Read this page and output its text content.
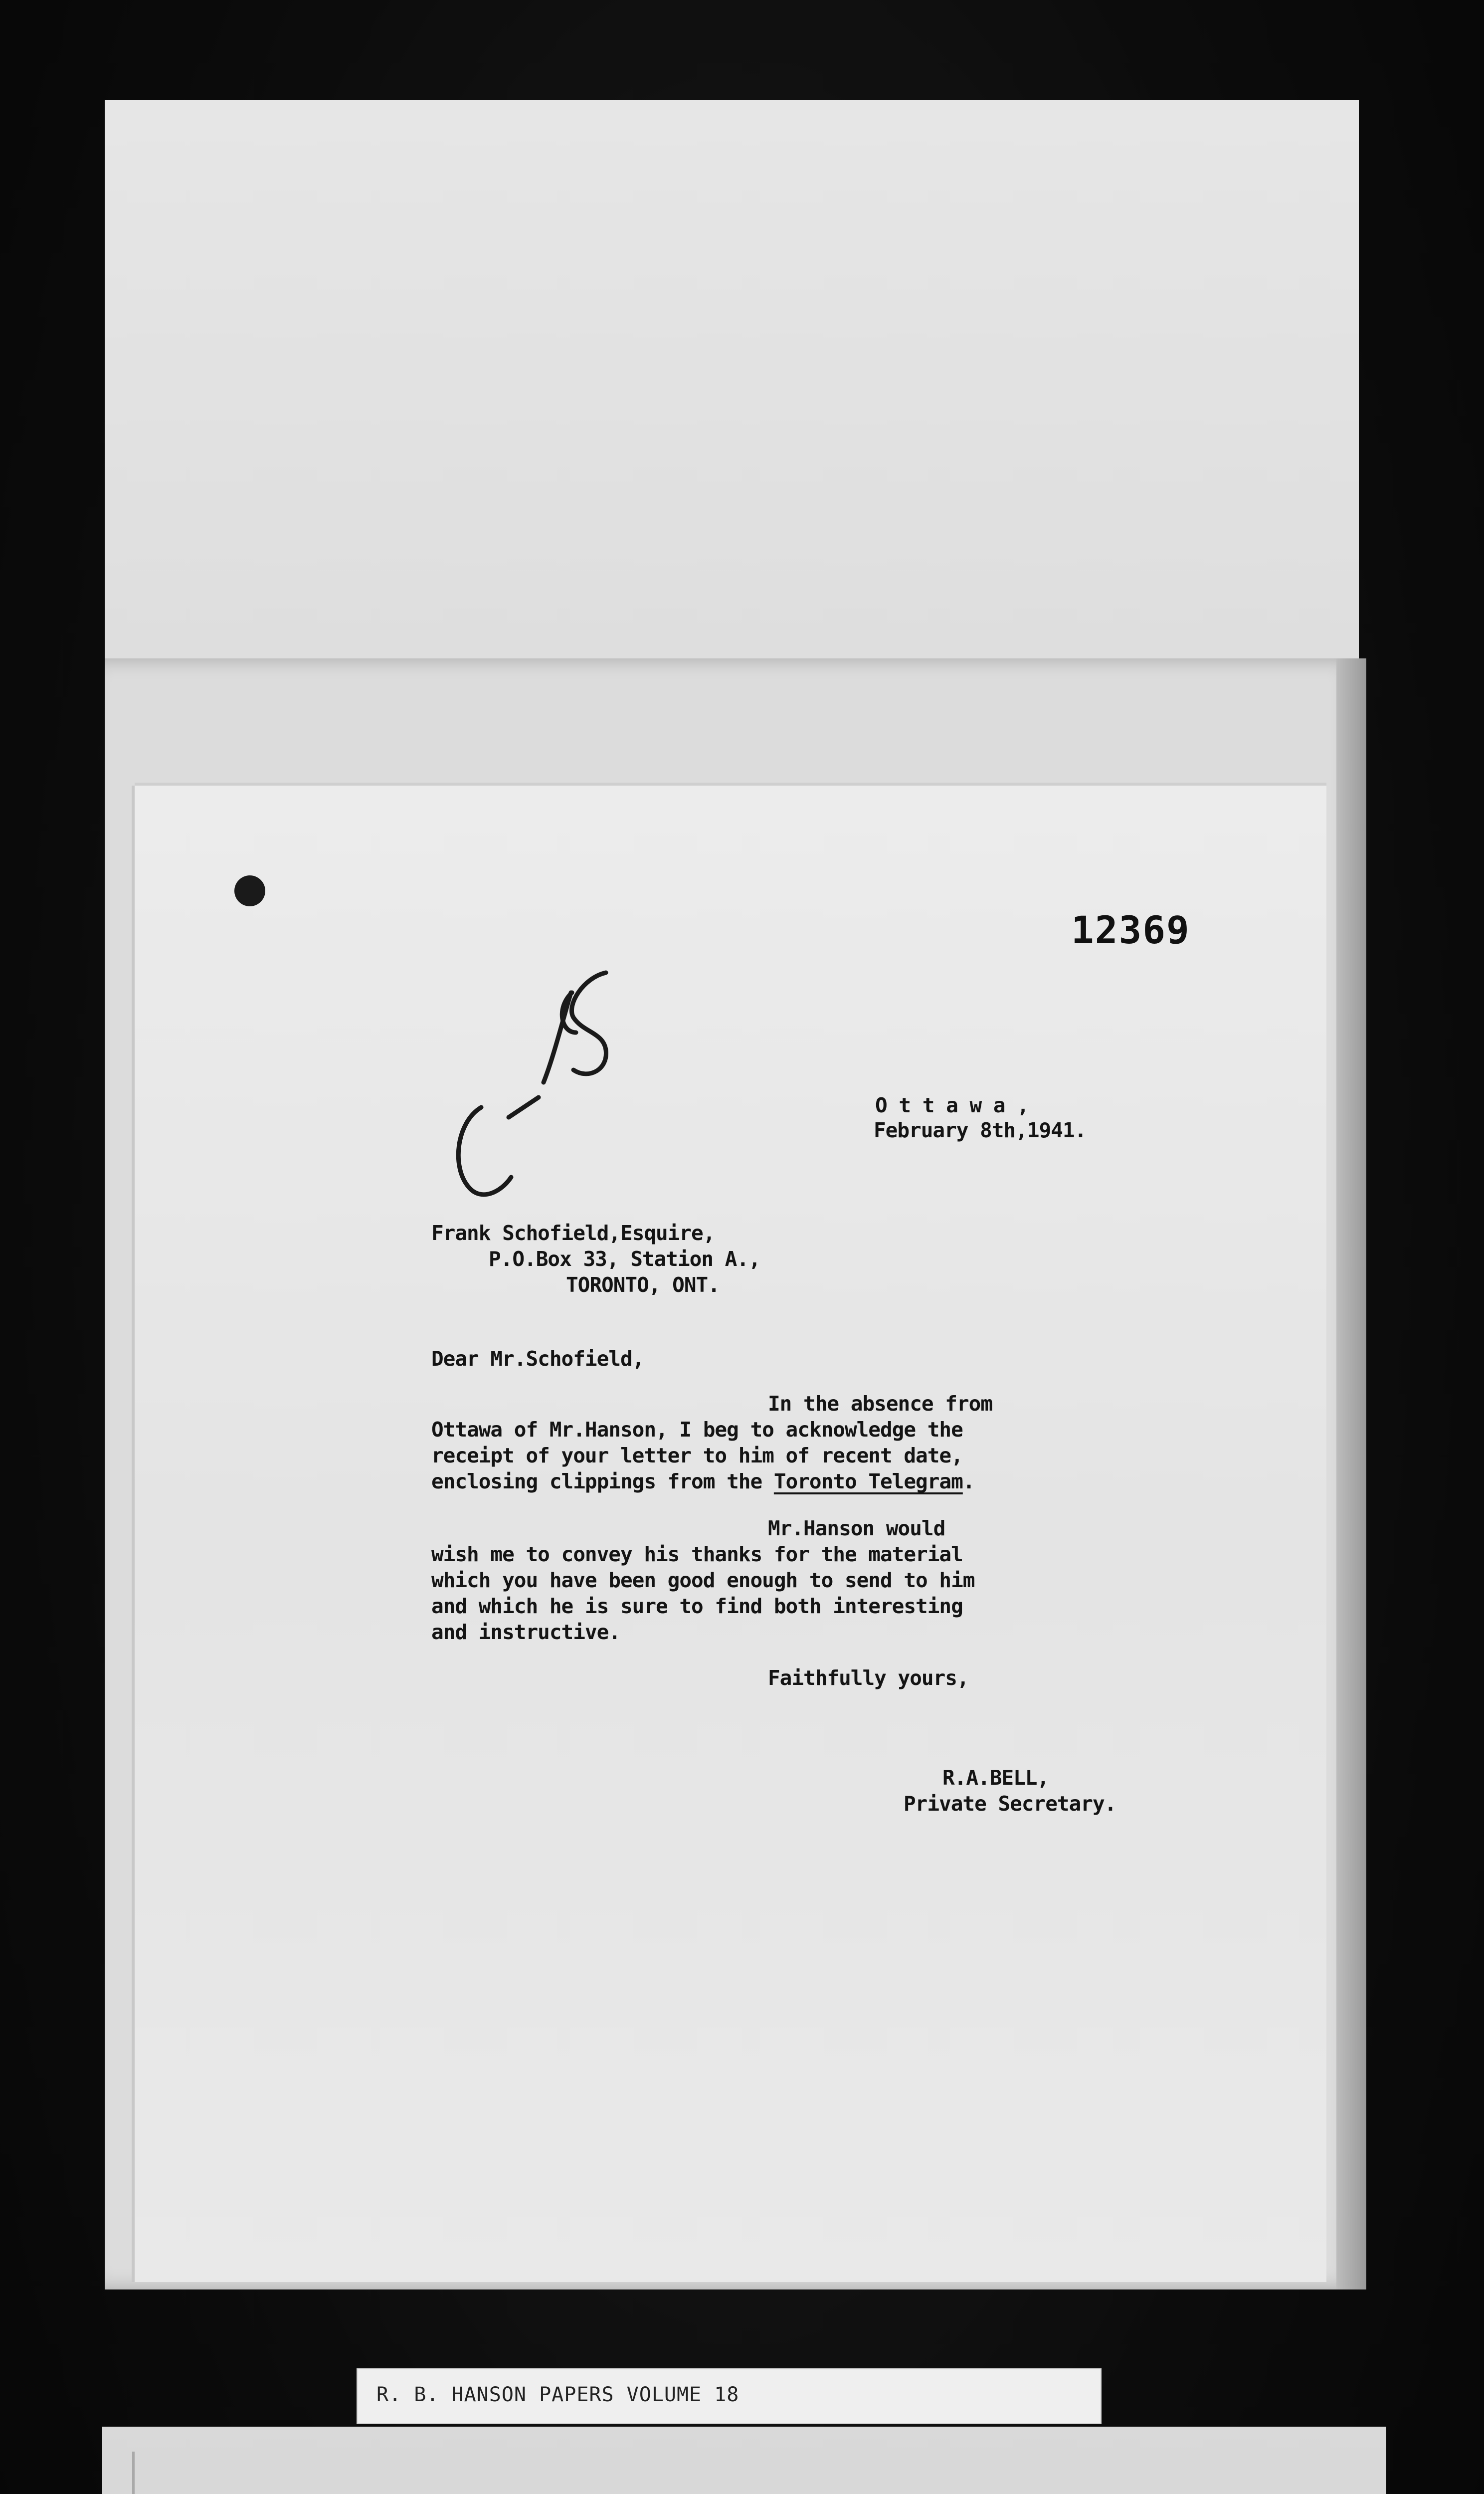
12369

O t t a w a ,

February 8th,1941.

Frank Schofield,Esquire,

P.O.Box 33, Station A.,

TORONTO, ONT.

Dear Mr.Schofield,

In the absence from

Ottawa of Mr.Hanson, I beg to acknowledge the

receipt of your letter to him of recent date,

enclosing clippings from the Toronto Telegram.

Mr.Hanson would

wish me to convey his thanks for the material

which you have been good enough to send to him

and which he is sure to find both interesting

and instructive.

Faithfully yours,

R.A.BELL,

Private Secretary.

R. B. HANSON PAPERS VOLUME 18
